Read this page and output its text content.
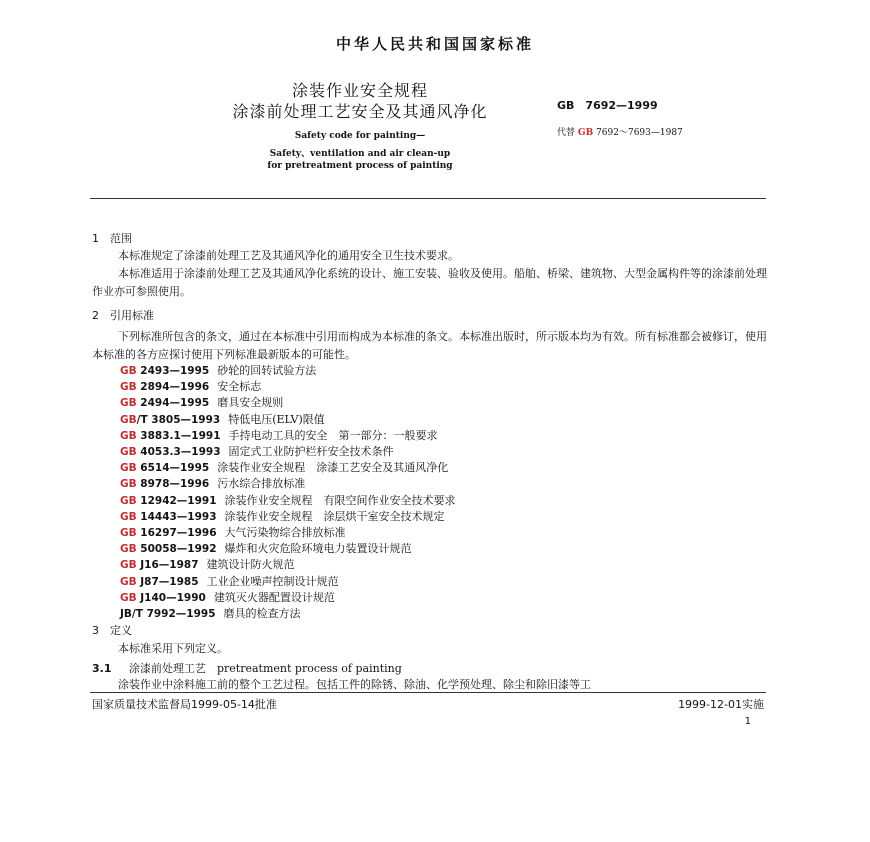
中华人民共和国国家标准
涂装作业安全规程
涂漆前处理工艺安全及其通风净化	GB　7692—1999
Safety code for painting—
Safety、ventilation and air clean-up
for pretreatment process of painting
代替 GB 7692～7693—1987
1　范围
本标准规定了涂漆前处理工艺及其通风净化的通用安全卫生技术要求。
本标准适用于涂漆前处理工艺及其通风净化系统的设计、施工安装、验收及使用。船舶、桥梁、建筑物、大型金属构件等的涂漆前处理作业亦可参照使用。
2　引用标准
下列标准所包含的条文，通过在本标准中引用而构成为本标准的条文。本标准出版时，所示版本均为有效。所有标准都会被修订，使用本标准的各方应探讨使用下列标准最新版本的可能性。
GB 2493—1995 砂轮的回转试验方法
GB 2894—1996 安全标志
GB 2494—1995 磨具安全规则
GB/T 3805—1993 特低电压(ELV)限值
GB 3883.1—1991 手持电动工具的安全　第一部分：一般要求
GB 4053.3—1993 固定式工业防护栏杆安全技术条件
GB 6514—1995 涂装作业安全规程　涂漆工艺安全及其通风净化
GB 8978—1996 污水综合排放标准
GB 12942—1991 涂装作业安全规程　有限空间作业安全技术要求
GB 14443—1993 涂装作业安全规程　涂层烘干室安全技术规定
GB 16297—1996 大气污染物综合排放标准
GB 50058—1992 爆炸和火灾危险环境电力装置设计规范
GB J16—1987 建筑设计防火规范
GB J87—1985 工业企业噪声控制设计规范
GB J140—1990 建筑灭火器配置设计规范
JB/T 7992—1995 磨具的检查方法
3　定义
本标准采用下列定义。
3.1 涂漆前处理工艺　pretreatment process of painting
涂装作业中涂料施工前的整个工艺过程。包括工件的除锈、除油、化学预处理、除尘和除旧漆等工
国家质量技术监督局1999-05-14批准	1999-12-01实施
1
